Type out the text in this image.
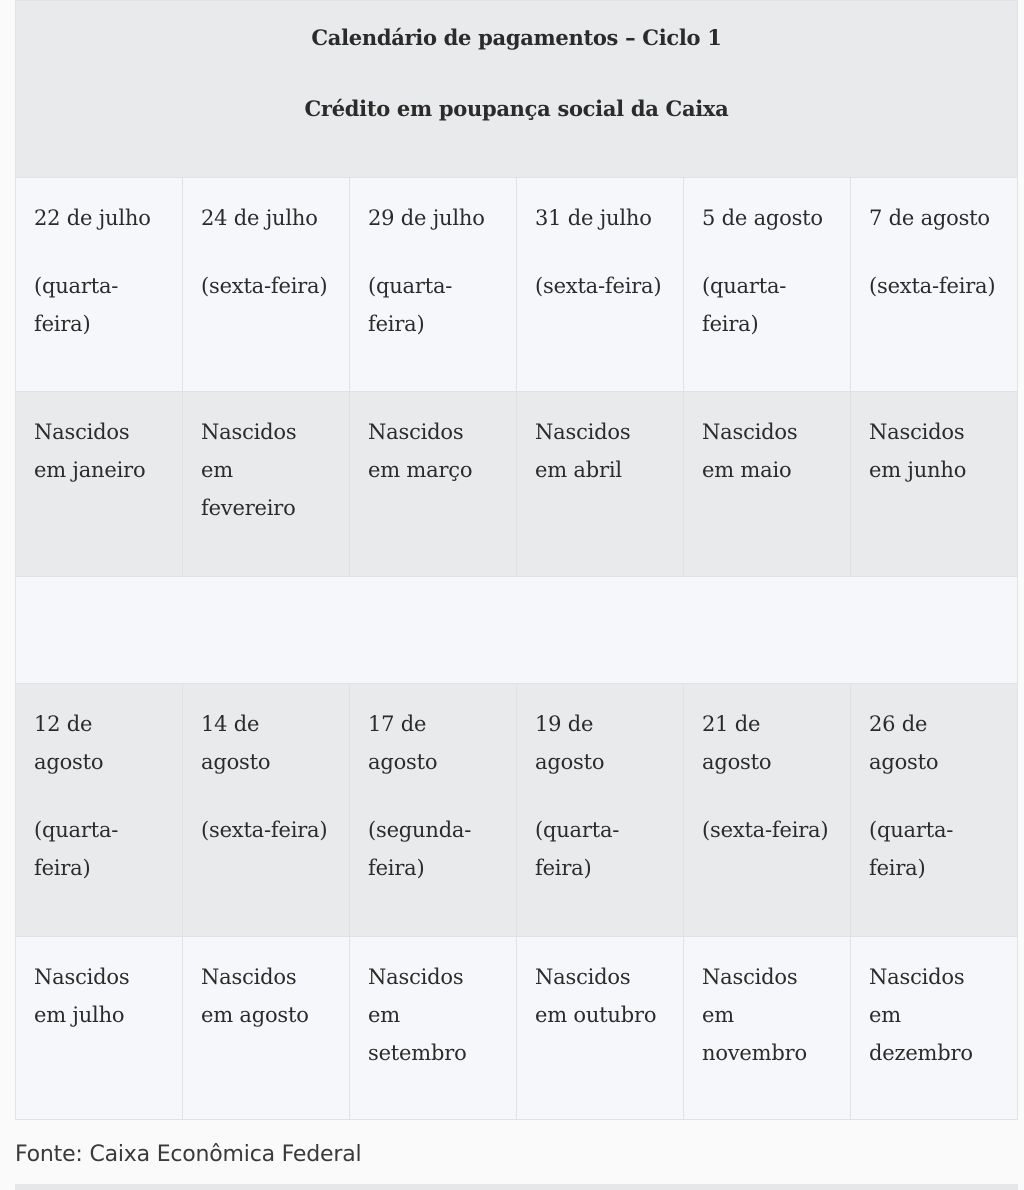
Calendário de pagamentos – Ciclo 1

Crédito em poupança social da Caixa					

22 de julho
(quarta-
feira)	24 de julho
(sexta-feira)	29 de julho
(quarta-
feira)	31 de julho
(sexta-feira)	5 de agosto
(quarta-
feira)	7 de agosto
(sexta-feira)

Nascidos
em janeiro	Nascidos
em
fevereiro	Nascidos
em março	Nascidos
em abril	Nascidos
em maio	Nascidos
em junho

12 de
agosto
(quarta-
feira)	14 de
agosto
(sexta-feira)	17 de
agosto
(segunda-
feira)	19 de agosto
(quarta-
feira)	21 de agosto
(sexta-feira)	26 de agosto
(quarta-
feira)

Nascidos
em julho	Nascidos
em agosto	Nascidos
em
setembro	Nascidos
em outubro	Nascidos
em
novembro	Nascidos
em
dezembro
Fonte: Caixa Econômica Federal
